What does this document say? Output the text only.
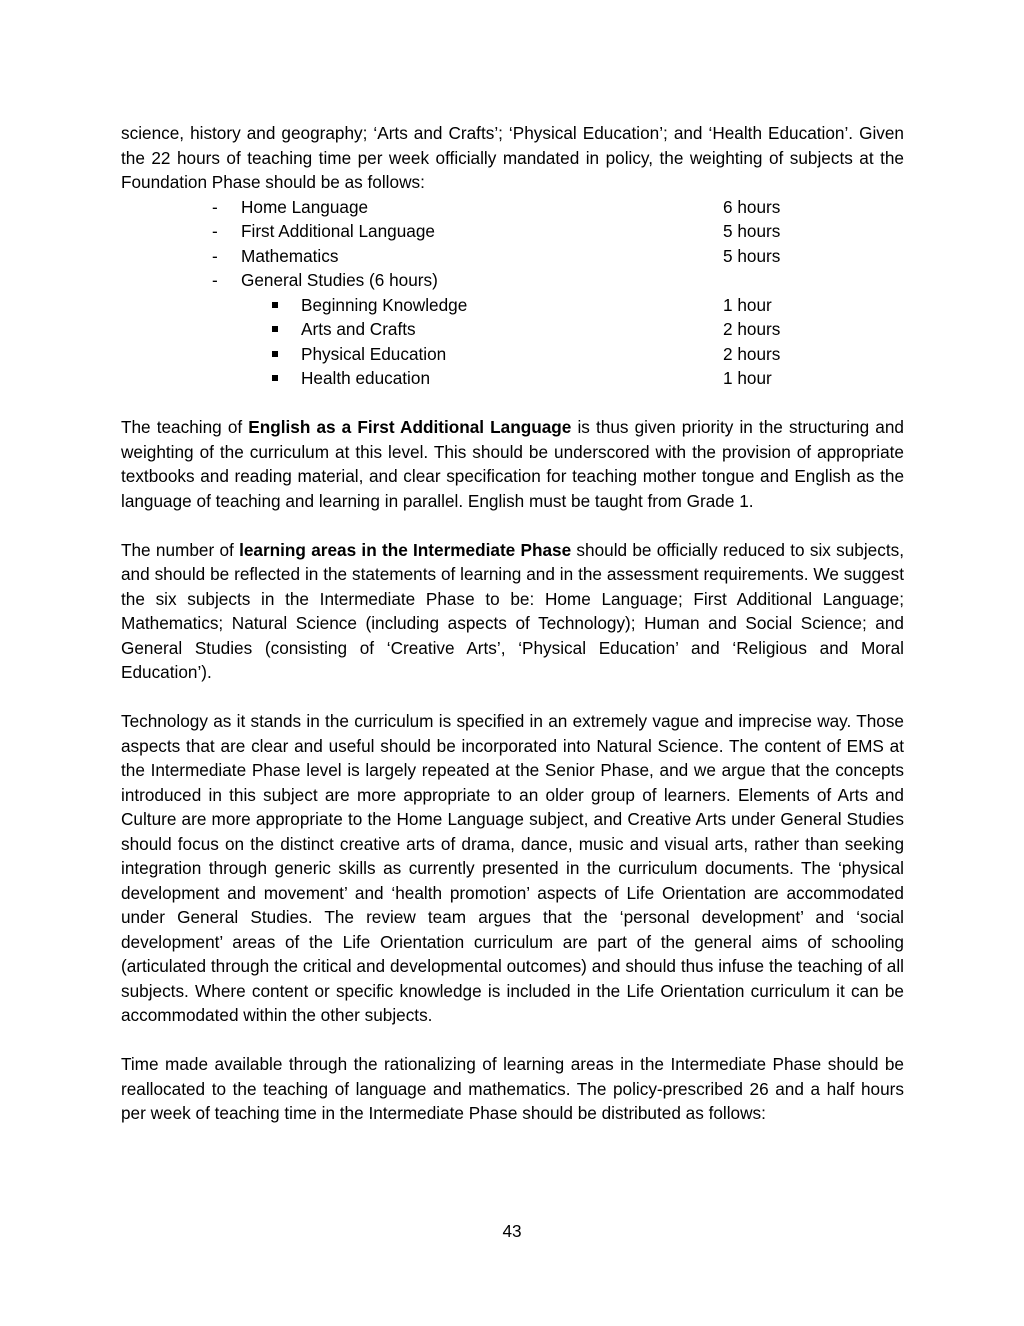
science, history and geography; ‘Arts and Crafts’; ‘Physical Education’; and ‘Health Education’. Given the 22 hours of teaching time per week officially mandated in policy, the weighting of subjects at the Foundation Phase should be as follows:

- Home Language	6 hours
- First Additional Language	5 hours
- Mathematics	5 hours
- General Studies (6 hours)
Beginning Knowledge	1 hour
Arts and Crafts	2 hours
Physical Education	2 hours
Health education	1 hour

The teaching of English as a First Additional Language is thus given priority in the structuring and weighting of the curriculum at this level. This should be underscored with the provision of appropriate textbooks and reading material, and clear specification for teaching mother tongue and English as the language of teaching and learning in parallel. English must be taught from Grade 1.

The number of learning areas in the Intermediate Phase should be officially reduced to six subjects, and should be reflected in the statements of learning and in the assessment requirements. We suggest the six subjects in the Intermediate Phase to be: Home Language; First Additional Language; Mathematics; Natural Science (including aspects of Technology); Human and Social Science; and General Studies (consisting of ‘Creative Arts’, ‘Physical Education’ and ‘Religious and Moral Education’).

Technology as it stands in the curriculum is specified in an extremely vague and imprecise way. Those aspects that are clear and useful should be incorporated into Natural Science. The content of EMS at the Intermediate Phase level is largely repeated at the Senior Phase, and we argue that the concepts introduced in this subject are more appropriate to an older group of learners. Elements of Arts and Culture are more appropriate to the Home Language subject, and Creative Arts under General Studies should focus on the distinct creative arts of drama, dance, music and visual arts, rather than seeking integration through generic skills as currently presented in the curriculum documents. The ‘physical development and movement’ and ‘health promotion’ aspects of Life Orientation are accommodated under General Studies. The review team argues that the ‘personal development’ and ‘social development’ areas of the Life Orientation curriculum are part of the general aims of schooling (articulated through the critical and developmental outcomes) and should thus infuse the teaching of all subjects. Where content or specific knowledge is included in the Life Orientation curriculum it can be accommodated within the other subjects.

Time made available through the rationalizing of learning areas in the Intermediate Phase should be reallocated to the teaching of language and mathematics. The policy-prescribed 26 and a half hours per week of teaching time in the Intermediate Phase should be distributed as follows:

43
